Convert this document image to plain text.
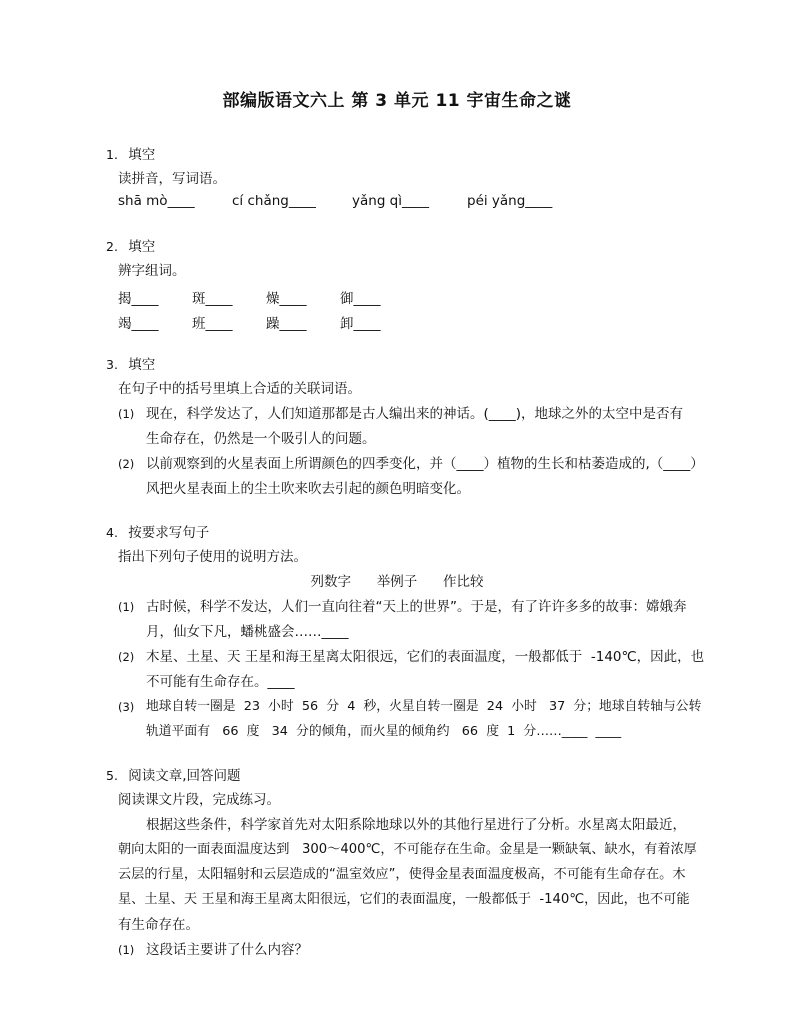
部编版语文六上 第 3 单元 11 宇宙生命之谜
1. 填空
读拼音，写词语。
shā mò____	cí chǎng____	yǎng qì____	péi yǎng____
2. 填空
辨字组词。
揭____ 斑____ 燥____ 御____
竭____ 班____ 躁____ 卸____
3. 填空
在句子中的括号里填上合适的关联词语。
(1) 现在，科学发达了，人们知道那都是古人编出来的神话。(____)，地球之外的太空中是否有
生命存在，仍然是一个吸引人的问题。
(2) 以前观察到的火星表面上所谓颜色的四季变化，并（____）植物的生长和枯萎造成的,（____）
风把火星表面上的尘土吹来吹去引起的颜色明暗变化。
4. 按要求写句子
指出下列句子使用的说明方法。
列数字      举例子      作比较
(1) 古时候，科学不发达，人们一直向往着“天上的世界”。于是，有了许许多多的故事：嫦娥奔
月，仙女下凡，蟠桃盛会……____
(2) 木星、土星、天 王星和海王星离太阳很远，它们的表面温度，一般都低于  -140℃，因此，也
不可能有生命存在。____
(3) 地球自转一圈是  23  小时  56  分  4  秒，火星自转一圈是  24  小时   37  分；地球自转轴与公转
轨道平面有   66  度   34  分的倾角，而火星的倾角约   66  度  1  分……____  ____
5. 阅读文章,回答问题
阅读课文片段，完成练习。
根据这些条件，科学家首先对太阳系除地球以外的其他行星进行了分析。水星离太阳最近，
朝向太阳的一面表面温度达到   300～400℃，不可能存在生命。金星是一颗缺氧、缺水，有着浓厚
云层的行星，太阳辐射和云层造成的“温室效应”，使得金星表面温度极高，不可能有生命存在。木
星、土星、天 王星和海王星离太阳很远，它们的表面温度，一般都低于  -140℃，因此，也不可能
有生命存在。
(1) 这段话主要讲了什么内容？
